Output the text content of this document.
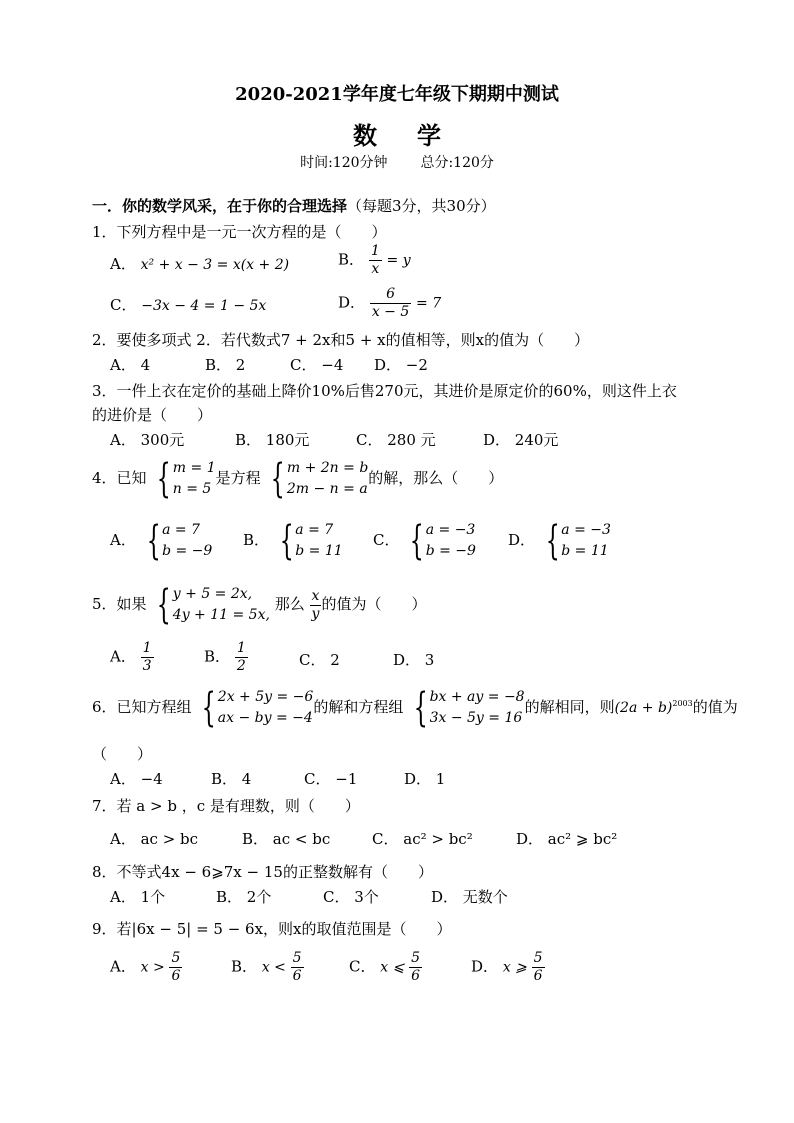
2020-2021学年度七年级下期期中测试
数学
时间:120分钟 总分:120分
一．你的数学风采，在于你的合理选择（每题3分，共30分）
1．下列方程中是一元一次方程的是（　　）
A． x² + x − 3 = x(x + 2)	B． $\frac{1}{x} = y$
C． −3x − 4 = 1 − 5x	D． $\frac{6}{x - 5} = 7$
2．要使多项式 2．若代数式7 + 2x和5 + x的值相等，则x的值为（　　）
A． 4	B． 2	C． −4 D． −2
3．一件上衣在定价的基础上降价10%后售270元，其进价是原定价的60%，则这件上衣
的进价是（　　）
A． 300元	B． 180元	C． 280 元	D． 240元
4．已知 { m = 1
n = 5
是方程 { m + 2n = b
2m − n = a
的解，那么（　　）
A． { a = 7
b = −9
B． { a = 7
b = 11
C． { a = −3
b = −9
D． { a = −3
b = 11
5．如果 { y + 5 = 2x,
4y + 11 = 5x,
那么 $\frac{x}{y}$ 的值为（　　）
A． $\frac{1}{3}$	B． $\frac{1}{2}$	C． 2	D． 3
6．已知方程组 { 2x + 5y = −6
ax − by = −4
的解和方程组 { bx + ay = −8
3x − 5y = 16
的解相同，则$(2a + b)^{2003}$的值为
（　　）
A． −4	B． 4	C． −1	D． 1
7．若 a > b ，c 是有理数，则（　　）
A． ac > bc	B． ac < bc	C． ac² > bc²	D． ac² ⩾ bc²
8．不等式4x − 6⩾7x − 15的正整数解有（　　）
A． 1个	B． 2个	C． 3个	D． 无数个
9．若|6x − 5| = 5 − 6x，则x的取值范围是（　　）
A． $x > \frac{5}{6}$	B． $x < \frac{5}{6}$	C． x ⩽ $\frac{5}{6}$	D． x ⩾ $\frac{5}{6}$
